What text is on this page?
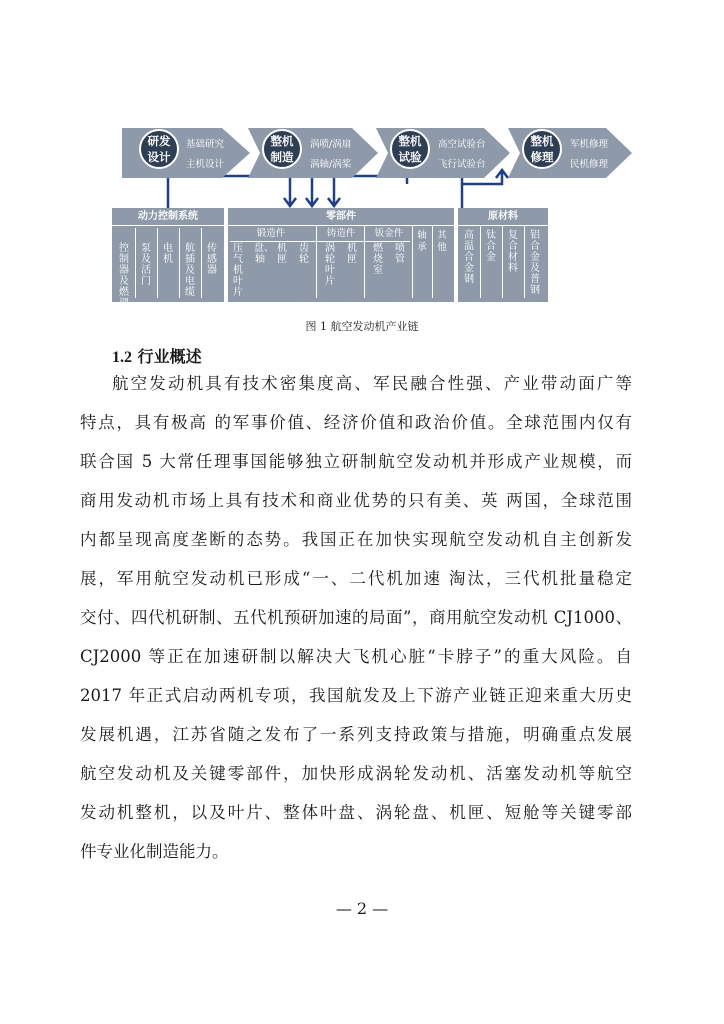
研发
设计
基础研究
主机设计
整机
制造
涡喷/涡扇
涡轴/涡桨
整机
试验
高空试验台
飞行试验台
整机
修理
军机修理
民机修理
动力控制系统
控制器及燃调
泵及活门
电机
航插及电缆
传感器
零部件
锻造件	铸造件	钣金件	轴承
其他
压气机叶片
盘、轴
机匣
齿轮
涡轮叶片
机匣
燃烧室
喷管
原材料
高温合金钢
钛合金
复合材料
铝合金及普钢
图 1 航空发动机产业链
1.2 行业概述
航空发动机具有技术密集度高、军民融合性强、产业带动面广等
特点，具有极高 的军事价值、经济价值和政治价值。全球范围内仅有
联合国 5 大常任理事国能够独立研制航空发动机并形成产业规模，而
商用发动机市场上具有技术和商业优势的只有美、英 两国，全球范围
内都呈现高度垄断的态势。我国正在加快实现航空发动机自主创新发
展，军用航空发动机已形成“一、二代机加速 淘汰，三代机批量稳定
交付、四代机研制、五代机预研加速的局面”，商用航空发动机 CJ1000、
CJ2000 等正在加速研制以解决大飞机心脏“卡脖子”的重大风险。自
2017 年正式启动两机专项，我国航发及上下游产业链正迎来重大历史
发展机遇，江苏省随之发布了一系列支持政策与措施，明确重点发展
航空发动机及关键零部件，加快形成涡轮发动机、活塞发动机等航空
发动机整机，以及叶片、整体叶盘、涡轮盘、机匣、短舱等关键零部
件专业化制造能力。
— 2 —
